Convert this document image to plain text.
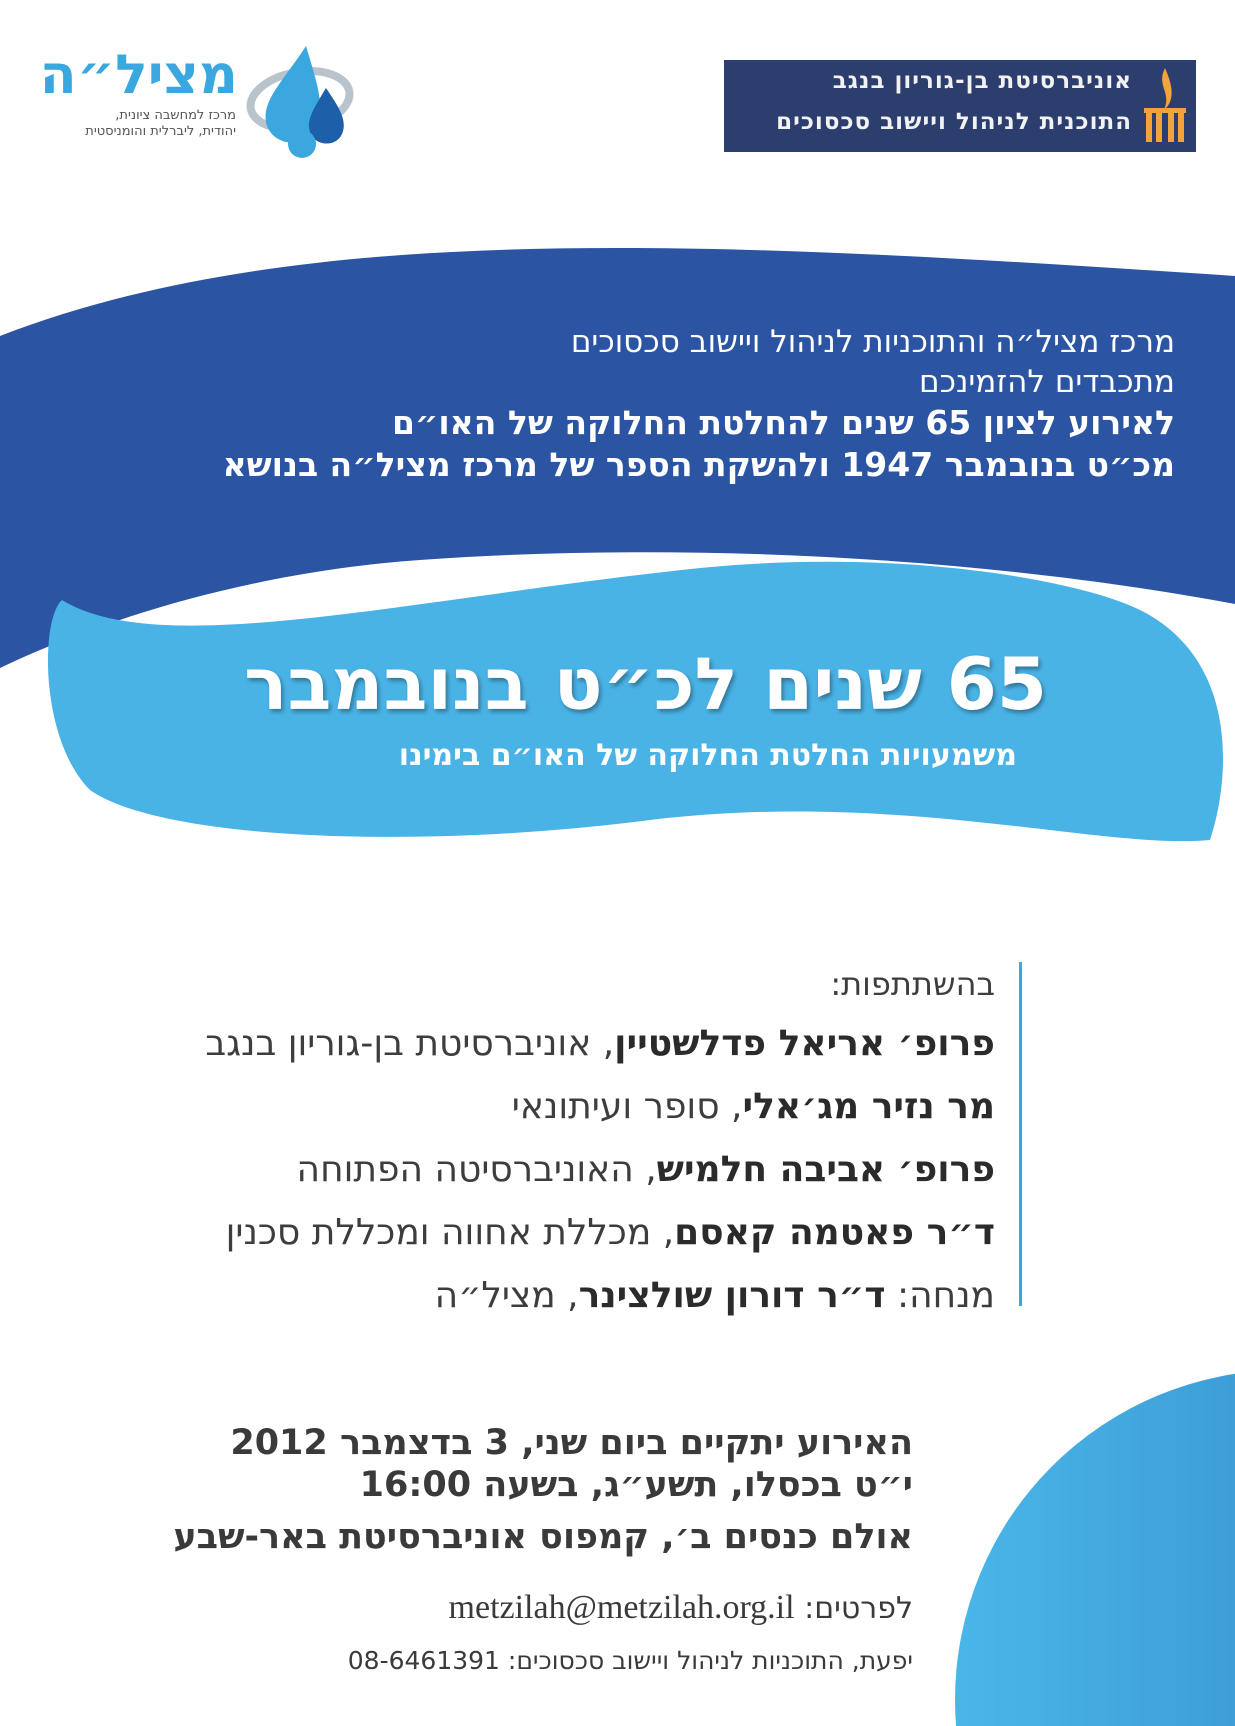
מציל״ה
מרכז למחשבה ציונית,
יהודית, ליברלית והומניסטית
אוניברסיטת בן-גוריון בנגב
התוכנית לניהול ויישוב סכסוכים
מרכז מציל״ה והתוכניות לניהול ויישוב סכסוכים
מתכבדים להזמינכם
לאירוע לציון 65 שנים להחלטת החלוקה של האו״ם
מכ״ט בנובמבר 1947 ולהשקת הספר של מרכז מציל״ה בנושא
65 שנים לכ״ט בנובמבר
משמעויות החלטת החלוקה של האו״ם בימינו
בהשתתפות:
פרופ׳ אריאל פדלשטיין, אוניברסיטת בן-גוריון בנגב
מר נזיר מג׳אלי, סופר ועיתונאי
פרופ׳ אביבה חלמיש, האוניברסיטה הפתוחה
ד״ר פאטמה קאסם, מכללת אחווה ומכללת סכנין
מנחה: ד״ר דורון שולצינר, מציל״ה
האירוע יתקיים ביום שני, 3 בדצמבר 2012
י״ט בכסלו, תשע״ג, בשעה 16:00
אולם כנסים ב׳, קמפוס אוניברסיטת באר-שבע
לפרטים: metzilah@metzilah.org.il
יפעת, התוכניות לניהול ויישוב סכסוכים: 08-6461391
